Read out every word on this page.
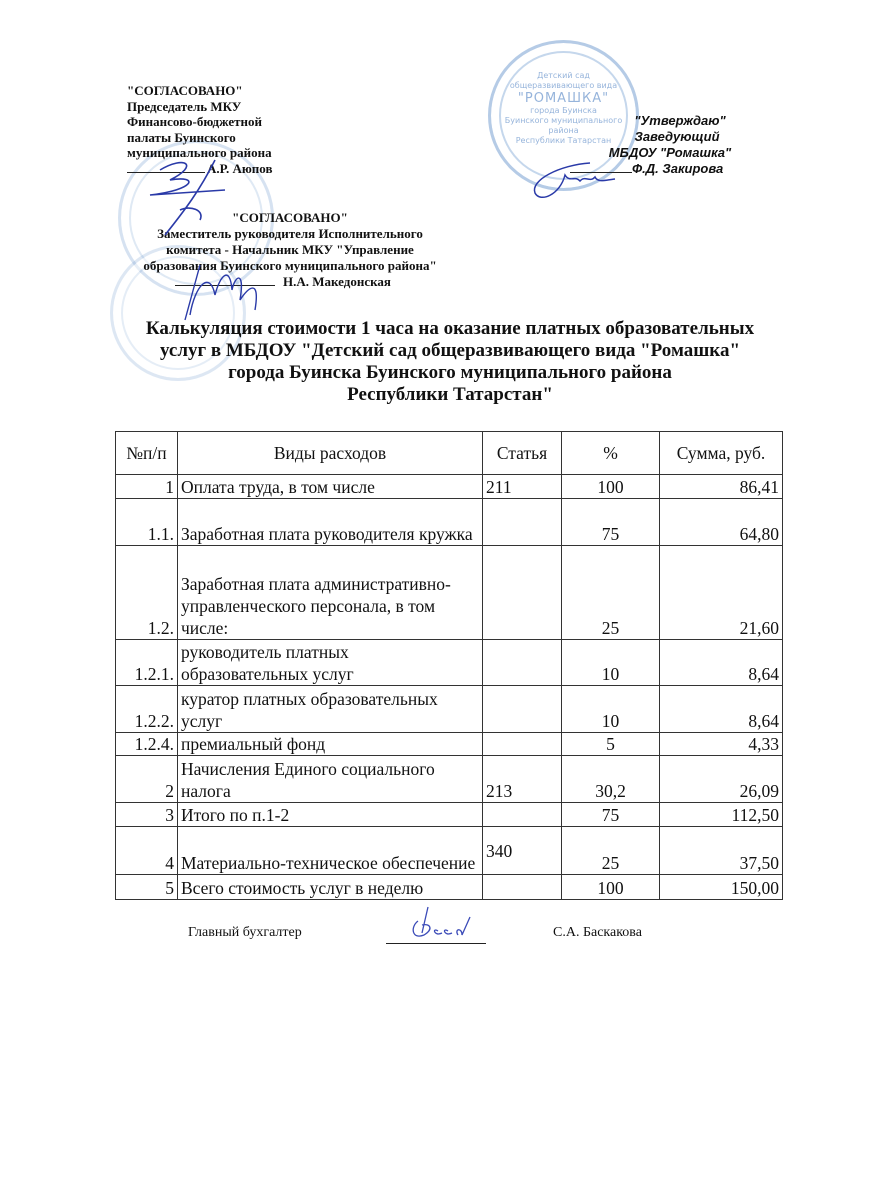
Детский сад
общеразвивающего вида
"РОМАШКА"
города Буинска
Буинского муниципального
района
Республики Татарстан
"СОГЛАСОВАНО"
Председатель МКУ
Финансово-бюджетной
палаты Буинского
муниципального района
А.Р. Аюпов
"СОГЛАСОВАНО"
Заместитель руководителя Исполнительного
комитета - Начальник МКУ "Управление
образования Буинского муниципального района"
Н.А. Македонская
"Утверждаю"
Заведующий
МБДОУ "Ромашка"
Ф.Д. Закирова
Калькуляция стоимости 1 часа на оказание платных образовательных
услуг в МБДОУ "Детский сад общеразвивающего вида "Ромашка"
города Буинска Буинского муниципального района
Республики Татарстан"
№п/п	Виды расходов	Статья	%	Сумма, руб.
1	Оплата труда, в том числе	211	100	86,41
1.1.	Заработная плата руководителя кружка		75	64,80
1.2.	Заработная плата административно-управленческого персонала, в том числе:		25	21,60
1.2.1.	руководитель платных образовательных услуг		10	8,64
1.2.2.	куратор платных образовательных услуг		10	8,64
1.2.4.	премиальный фонд		5	4,33
2	Начисления Единого социального налога	213	30,2	26,09
3	Итого по п.1-2		75	112,50
4	Материально-техническое обеспечение	340	25	37,50
5	Всего стоимость услуг в неделю		100	150,00
Главный бухгалтер	С.А. Баскакова
